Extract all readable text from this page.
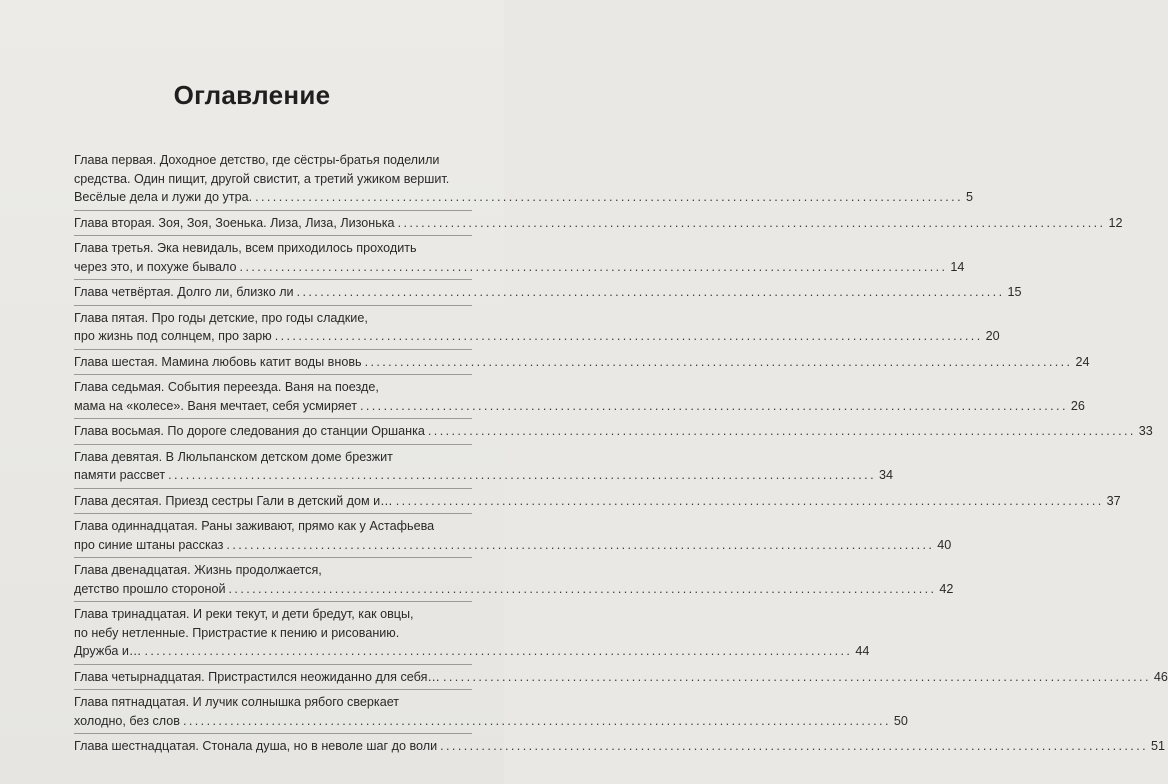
Оглавление
Глава первая. Доходное детство, где сёстры-братья поделили
средства. Один пищит, другой свистит, а третий ужиком вершит.
Весёлые дела и лужи до утра. ........................................................................................................................ 5
Глава вторая. Зоя, Зоя, Зоенька. Лиза, Лиза, Лизонька ........................................................................................................................ 12
Глава третья. Эка невидаль, всем приходилось проходить
через это, и похуже бывало ........................................................................................................................ 14
Глава четвёртая. Долго ли, близко ли ........................................................................................................................ 15
Глава пятая. Про годы детские, про годы сладкие,
про жизнь под солнцем, про зарю ........................................................................................................................ 20
Глава шестая. Мамина любовь катит воды вновь ........................................................................................................................ 24
Глава седьмая. События переезда. Ваня на поезде,
мама на «колесе». Ваня мечтает, себя усмиряет ........................................................................................................................ 26
Глава восьмая. По дороге следования до станции Оршанка ........................................................................................................................ 33
Глава девятая. В Люльпанском детском доме брезжит
памяти рассвет ........................................................................................................................ 34
Глава десятая. Приезд сестры Гали в детский дом и… ........................................................................................................................ 37
Глава одиннадцатая. Раны заживают, прямо как у Астафьева
про синие штаны рассказ ........................................................................................................................ 40
Глава двенадцатая. Жизнь продолжается,
детство прошло стороной ........................................................................................................................ 42
Глава тринадцатая. И реки текут, и дети бредут, как овцы,
по небу нетленные. Пристрастие к пению и рисованию.
Дружба и… ........................................................................................................................ 44
Глава четырнадцатая. Пристрастился неожиданно для себя… ........................................................................................................................ 46
Глава пятнадцатая. И лучик солнышка рябого сверкает
холодно, без слов ........................................................................................................................ 50
Глава шестнадцатая. Стонала душа, но в неволе шаг до воли ........................................................................................................................ 51
